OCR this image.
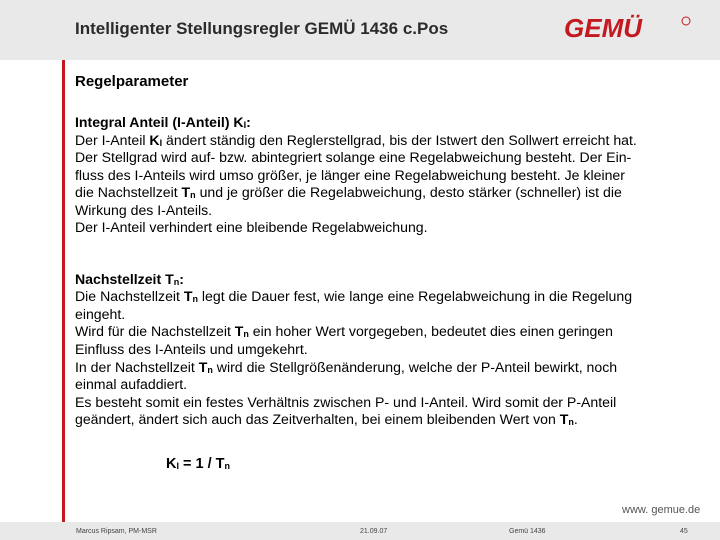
Intelligenter Stellungsregler GEMÜ 1436 c.Pos	GEMÜ
Regelparameter

Integral Anteil (I-Anteil) $K_I$:

Der I-Anteil $K_I$ ändert ständig den Reglerstellgrad, bis der Istwert den Sollwert erreicht hat.

Der Stellgrad wird auf- bzw. abintegriert solange eine Regelabweichung besteht. Der Ein-

fluss des I-Anteils wird umso größer, je länger eine Regelabweichung besteht. Je kleiner

die Nachstellzeit $T_n$ und je größer die Regelabweichung, desto stärker (schneller) ist die

Wirkung des I-Anteils.

Der I-Anteil verhindert eine bleibende Regelabweichung.

Nachstellzeit $T_n$:

Die Nachstellzeit $T_n$ legt die Dauer fest, wie lange eine Regelabweichung in die Regelung

eingeht.

Wird für die Nachstellzeit $T_n$ ein hoher Wert vorgegeben, bedeutet dies einen geringen

Einfluss des I-Anteils und umgekehrt.

In der Nachstellzeit $T_n$ wird die Stellgrößenänderung, welche der P-Anteil bewirkt, noch

einmal aufaddiert.

Es besteht somit ein festes Verhältnis zwischen P- und I-Anteil. Wird somit der P-Anteil

geändert, ändert sich auch das Zeitverhalten, bei einem bleibenden Wert von $T_n$.

$K_I = 1 / T_n$
www. gemue.de
Marcus Ripsam, PM-MSR	21.09.07	Gemü 1436	45
